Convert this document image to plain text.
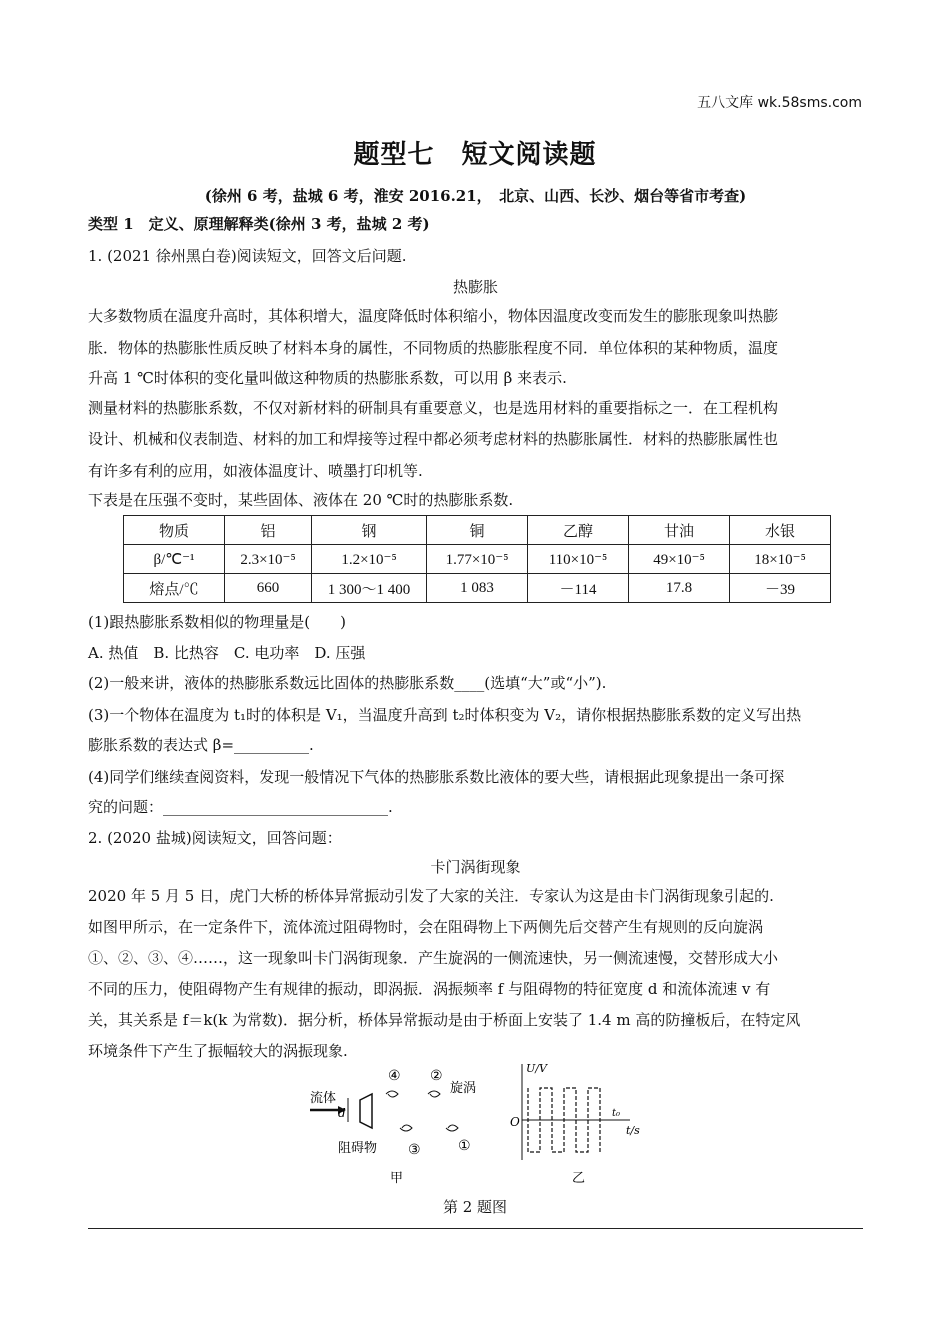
五八文库 wk.58sms.com
题型七　短文阅读题
(徐州 6 考，盐城 6 考，淮安 2016.21，　北京、山西、长沙、烟台等省市考查)
类型 1　定义、原理解释类(徐州 3 考，盐城 2 考)
1. (2021 徐州黑白卷)阅读短文，回答文后问题.
热膨胀
大多数物质在温度升高时，其体积增大，温度降低时体积缩小，物体因温度改变而发生的膨胀现象叫热膨
胀．物体的热膨胀性质反映了材料本身的属性，不同物质的热膨胀程度不同．单位体积的某种物质，温度
升高 1 ℃时体积的变化量叫做这种物质的热膨胀系数，可以用 β 来表示.
测量材料的热膨胀系数，不仅对新材料的研制具有重要意义，也是选用材料的重要指标之一．在工程机构
设计、机械和仪表制造、材料的加工和焊接等过程中都必须考虑材料的热膨胀属性．材料的热膨胀属性也
有许多有利的应用，如液体温度计、喷墨打印机等.
下表是在压强不变时，某些固体、液体在 20 ℃时的热膨胀系数.
物质	铝	钢	铜	乙醇	甘油	水银
β/℃⁻¹	2.3×10⁻⁵	1.2×10⁻⁵	1.77×10⁻⁵	110×10⁻⁵	49×10⁻⁵	18×10⁻⁵
熔点/℃	660	1 300～1 400	1 083	－114	17.8	－39
(1)跟热膨胀系数相似的物理量是(　　)
A. 热值　B. 比热容　C. 电功率　D. 压强
(2)一般来讲，液体的热膨胀系数远比固体的热膨胀系数____(选填“大”或“小”).
(3)一个物体在温度为 t₁时的体积是 V₁，当温度升高到 t₂时体积变为 V₂，请你根据热膨胀系数的定义写出热
膨胀系数的表达式 β=__________.
(4)同学们继续查阅资料，发现一般情况下气体的热膨胀系数比液体的要大些，请根据此现象提出一条可探
究的问题：______________________________.
2. (2020 盐城)阅读短文，回答问题：
卡门涡街现象
2020 年 5 月 5 日，虎门大桥的桥体异常振动引发了大家的关注．专家认为这是由卡门涡街现象引起的.
如图甲所示，在一定条件下，流体流过阻碍物时，会在阻碍物上下两侧先后交替产生有规则的反向旋涡
①、②、③、④……，这一现象叫卡门涡街现象．产生旋涡的一侧流速快，另一侧流速慢，交替形成大小
不同的压力，使阻碍物产生有规律的振动，即涡振．涡振频率 f 与阻碍物的特征宽度 d 和流体流速 v 有
关，其关系是 f＝k(k 为常数)．据分析，桥体异常振动是由于桥面上安装了 1.4 m 高的防撞板后，在特定风
环境条件下产生了振幅较大的涡振现象.
流体
d
阻碍物
④ ②
旋涡
③	①
甲
U/V
t/s
O
t₀
乙
第 2 题图
